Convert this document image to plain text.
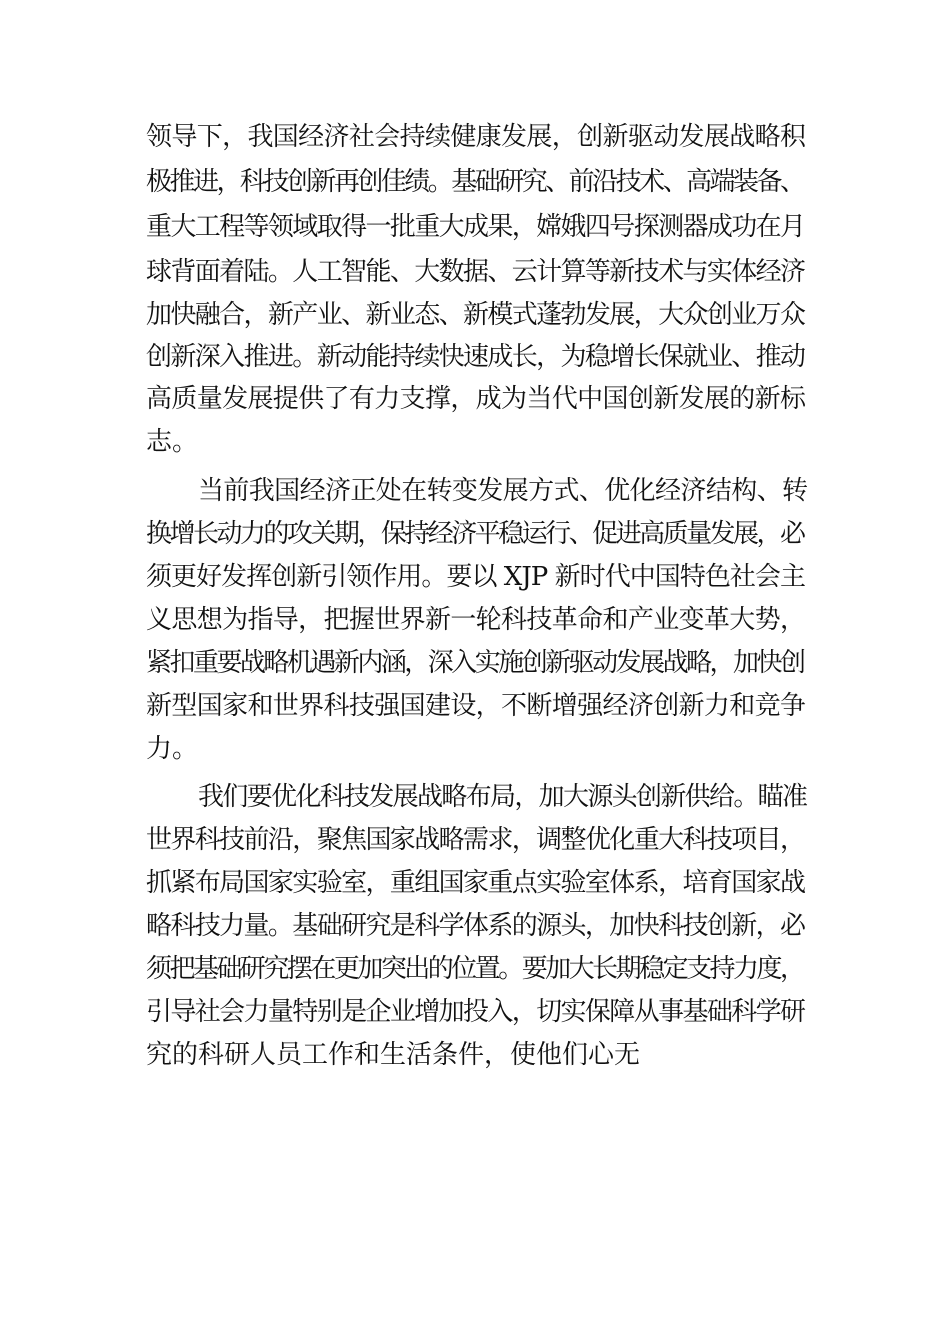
领导下，我国经济社会持续健康发展，创新驱动发展战略积
极推进，科技创新再创佳绩。基础研究、前沿技术、高端装备、
重大工程等领域取得一批重大成果，嫦娥四号探测器成功在月
球背面着陆。人工智能、大数据、云计算等新技术与实体经济
加快融合，新产业、新业态、新模式蓬勃发展，大众创业万众
创新深入推进。新动能持续快速成长，为稳增长保就业、推动
高质量发展提供了有力支撑，成为当代中国创新发展的新标
志。
当前我国经济正处在转变发展方式、优化经济结构、转
换增长动力的攻关期，保持经济平稳运行、促进高质量发展，必
须更好发挥创新引领作用。要以 XJP 新时代中国特色社会主
义思想为指导，把握世界新一轮科技革命和产业变革大势，
紧扣重要战略机遇新内涵，深入实施创新驱动发展战略，加快创
新型国家和世界科技强国建设，不断增强经济创新力和竞争
力。
我们要优化科技发展战略布局，加大源头创新供给。瞄准
世界科技前沿，聚焦国家战略需求，调整优化重大科技项目，
抓紧布局国家实验室，重组国家重点实验室体系，培育国家战
略科技力量。基础研究是科学体系的源头，加快科技创新，必
须把基础研究摆在更加突出的位置。要加大长期稳定支持力度，
引导社会力量特别是企业增加投入，切实保障从事基础科学研
究的科研人员工作和生活条件，使他们心无
